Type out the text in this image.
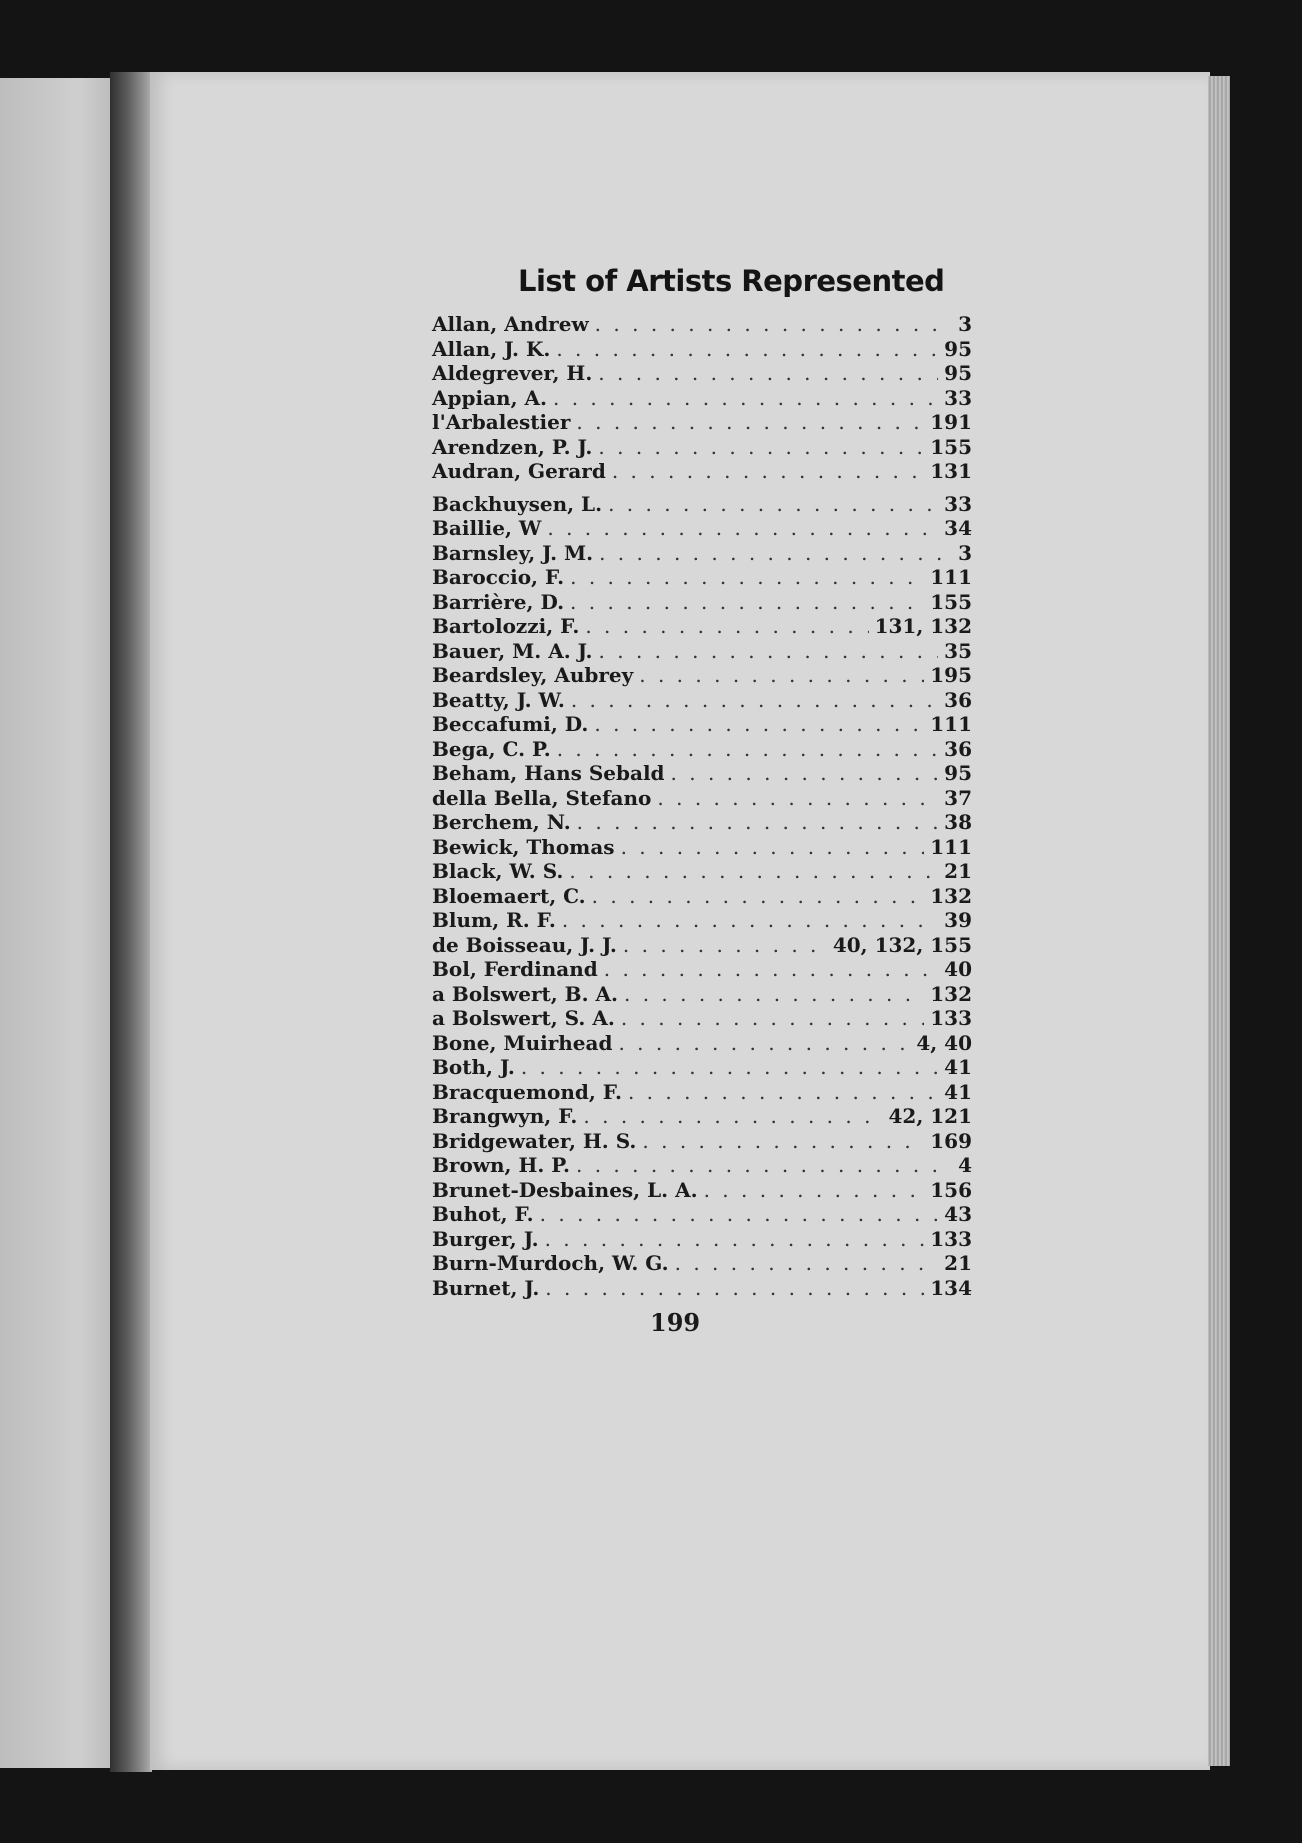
List of Artists Represented
Allan, Andrew . . .	3
Allan, J. K. . . .	95
Aldegrever, H. . . .	95
Appian, A. . . .	33
l'Arbalestier . . .	191
Arendzen, P. J. . . .	155
Audran, Gerard . . .	131
Backhuysen, L. . . .	33
Baillie, W . . .	34
Barnsley, J. M. . . .	3
Baroccio, F. . . .	111
Barrière, D. . . .	155
Bartolozzi, F. . . .	131, 132
Bauer, M. A. J. . . .	35
Beardsley, Aubrey . . .	195
Beatty, J. W. . . .	36
Beccafumi, D. . . .	111
Bega, C. P. . . .	36
Beham, Hans Sebald . . .	95
della Bella, Stefano . . .	37
Berchem, N. . . .	38
Bewick, Thomas . . .	111
Black, W. S. . . .	21
Bloemaert, C. . . .	132
Blum, R. F. . . .	39
de Boisseau, J. J. . . .	40, 132, 155
Bol, Ferdinand . . .	40
a Bolswert, B. A. . . .	132
a Bolswert, S. A. . . .	133
Bone, Muirhead . . .	4, 40
Both, J. . . .	41
Bracquemond, F. . . .	41
Brangwyn, F. . . .	42, 121
Bridgewater, H. S. . . .	169
Brown, H. P. . . .	4
Brunet-Desbaines, L. A. . . .	156
Buhot, F. . . .	43
Burger, J. . . .	133
Burn-Murdoch, W. G. . . .	21
Burnet, J. . . .	134
199
